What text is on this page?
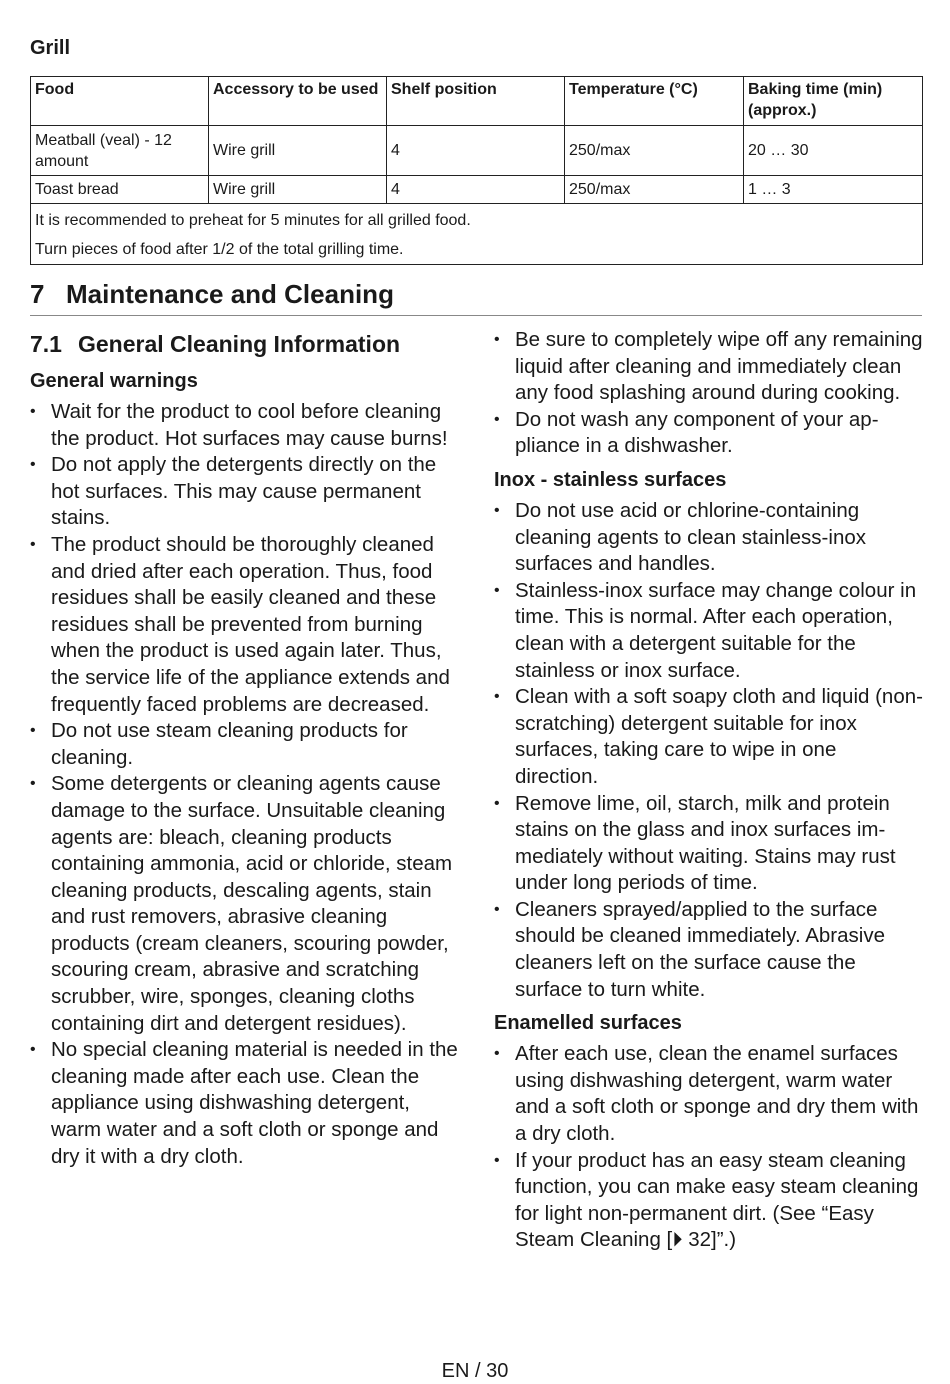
Grill
Food	Accessory to be used	Shelf position	Temperature (°C)	Baking time (min) (approx.)
Meatball (veal) - 12 amount	Wire grill	4	250/max	20 … 30
Toast bread	Wire grill	4	250/max	1 … 3
It is recommended to preheat for 5 minutes for all grilled food.				
Turn pieces of food after 1/2 of the total grilling time.				
7 Maintenance and Cleaning
7.1 General Cleaning Information
General warnings
• Wait for the product to cool before cleaning the product. Hot surfaces may cause burns!
• Do not apply the detergents directly on the hot surfaces. This may cause permanent stains.
• The product should be thoroughly cleaned and dried after each operation. Thus, food residues shall be easily cleaned and these residues shall be prevented from burning when the product is used again later. Thus, the service life of the appliance extends and frequently faced problems are decreased.
• Do not use steam cleaning products for cleaning.
• Some detergents or cleaning agents cause damage to the surface. Unsuitable cleaning agents are: bleach, cleaning products containing ammonia, acid or chloride, steam cleaning products, descaling agents, stain and rust removers, abrasive cleaning products (cream cleaners, scouring powder, scouring cream, abrasive and scratching scrubber, wire, sponges, cleaning cloths containing dirt and detergent residues).
• No special cleaning material is needed in the cleaning made after each use. Clean the appliance using dishwashing detergent, warm water and a soft cloth or sponge and dry it with a dry cloth.
• Be sure to completely wipe off any remaining liquid after cleaning and immediately clean any food splashing around during cooking.
• Do not wash any component of your appliance in a dishwasher.
Inox - stainless surfaces
• Do not use acid or chlorine-containing cleaning agents to clean stainless-inox surfaces and handles.
• Stainless-inox surface may change colour in time. This is normal. After each operation, clean with a detergent suitable for the stainless or inox surface.
• Clean with a soft soapy cloth and liquid (non-scratching) detergent suitable for inox surfaces, taking care to wipe in one direction.
• Remove lime, oil, starch, milk and protein stains on the glass and inox surfaces immediately without waiting. Stains may rust under long periods of time.
• Cleaners sprayed/applied to the surface should be cleaned immediately. Abrasive cleaners left on the surface cause the surface to turn white.
Enamelled surfaces
• After each use, clean the enamel surfaces using dishwashing detergent, warm water and a soft cloth or sponge and dry them with a dry cloth.
• If your product has an easy steam cleaning function, you can make easy steam cleaning for light non-permanent dirt. (See “Easy Steam Cleaning [⏵ 32]”.)
EN / 30
